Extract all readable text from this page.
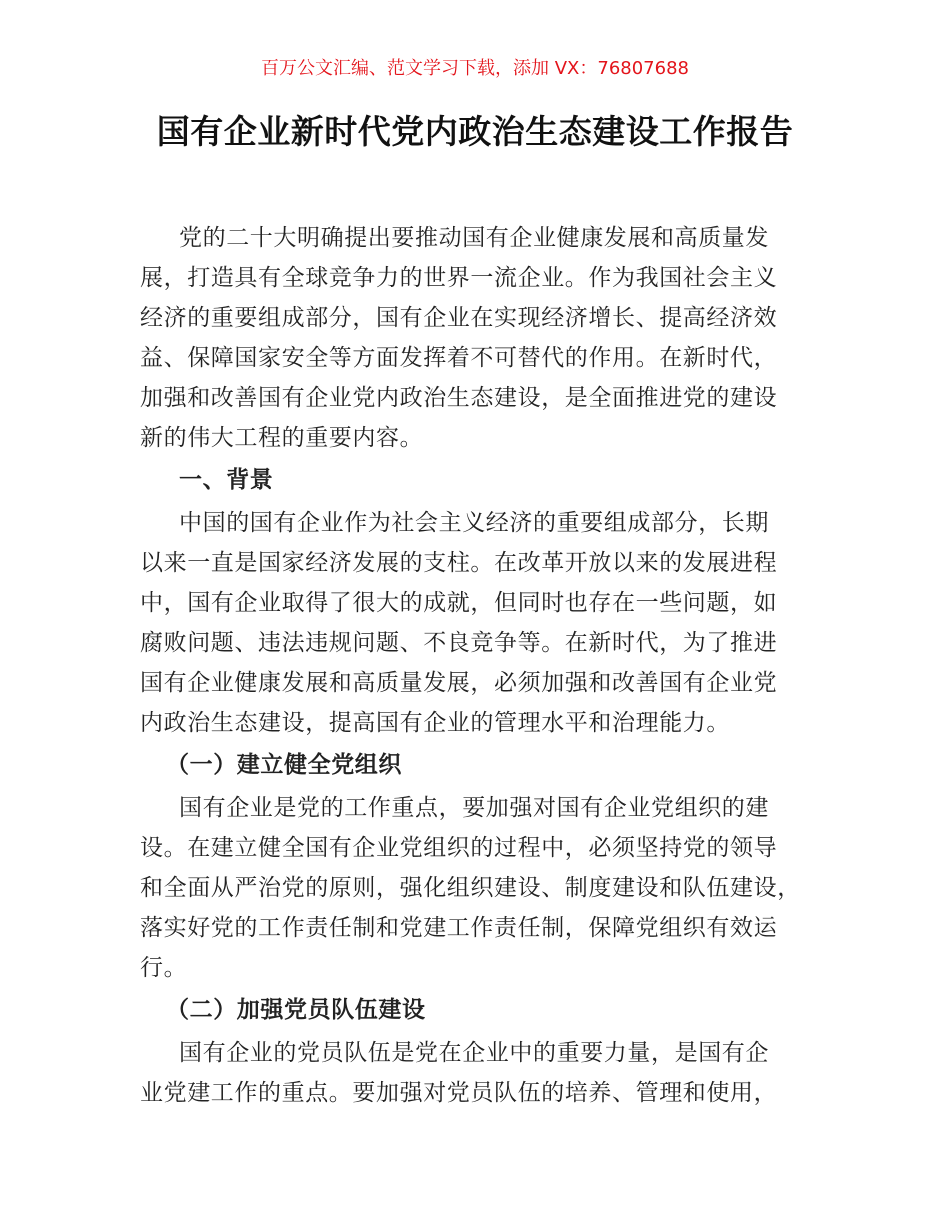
百万公文汇编、范文学习下载，添加 VX：76807688
国有企业新时代党内政治生态建设工作报告
党的二十大明确提出要推动国有企业健康发展和高质量发
展，打造具有全球竞争力的世界一流企业。作为我国社会主义
经济的重要组成部分，国有企业在实现经济增长、提高经济效
益、保障国家安全等方面发挥着不可替代的作用。在新时代，
加强和改善国有企业党内政治生态建设，是全面推进党的建设
新的伟大工程的重要内容。
一、背景
中国的国有企业作为社会主义经济的重要组成部分，长期
以来一直是国家经济发展的支柱。在改革开放以来的发展进程
中，国有企业取得了很大的成就，但同时也存在一些问题，如
腐败问题、违法违规问题、不良竞争等。在新时代，为了推进
国有企业健康发展和高质量发展，必须加强和改善国有企业党
内政治生态建设，提高国有企业的管理水平和治理能力。
（一）建立健全党组织
国有企业是党的工作重点，要加强对国有企业党组织的建
设。在建立健全国有企业党组织的过程中，必须坚持党的领导
和全面从严治党的原则，强化组织建设、制度建设和队伍建设，
落实好党的工作责任制和党建工作责任制，保障党组织有效运
行。
（二）加强党员队伍建设
国有企业的党员队伍是党在企业中的重要力量，是国有企
业党建工作的重点。要加强对党员队伍的培养、管理和使用，
